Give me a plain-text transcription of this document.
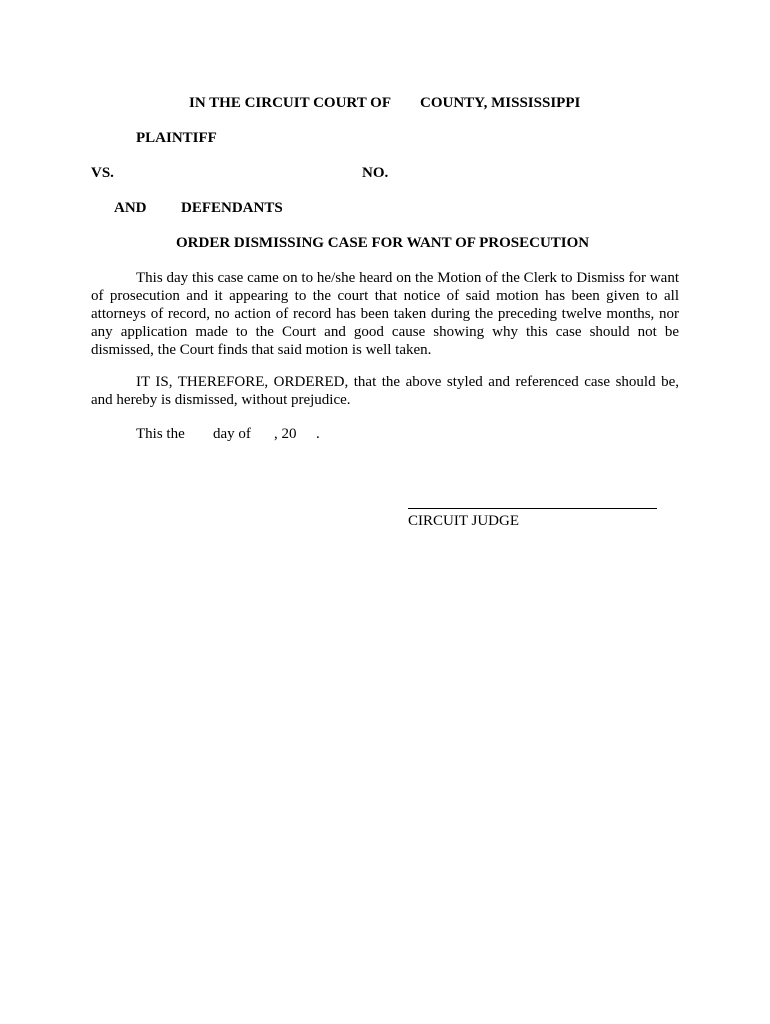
IN THE CIRCUIT COURT OF COUNTY, MISSISSIPPI
PLAINTIFF
VS.	NO.
AND DEFENDANTS
ORDER DISMISSING CASE FOR WANT OF PROSECUTION
This day this case came on to he/she heard on the Motion of the Clerk to Dismiss for want of prosecution and it appearing to the court that notice of said motion has been given to all attorneys of record, no action of record has been taken during the preceding twelve months, nor any application made to the Court and good cause showing why this case should not be dismissed, the Court finds that said motion is well taken.
IT IS, THEREFORE, ORDERED, that the above styled and referenced case should be, and hereby is dismissed, without prejudice.
This the day of , 20 .
CIRCUIT JUDGE
